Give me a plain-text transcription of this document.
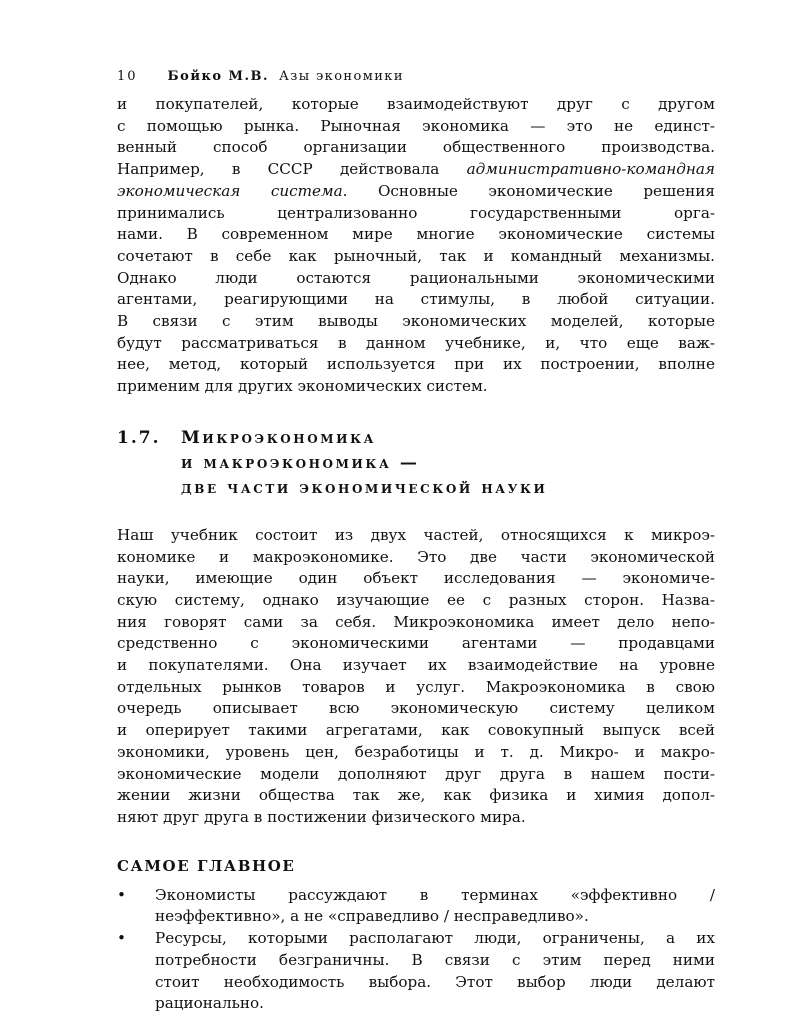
10 Бойко М.В. Азы экономики
и покупателей, которые взаимодействуют друг с другом
с помощью рынка. Рыночная экономика — это не единст-
венный способ организации общественного производства.
Например, в СССР действовала административно-командная
экономическая система. Основные экономические решения
принимались централизованно государственными орга-
нами. В современном мире многие экономические системы
сочетают в себе как рыночный, так и командный механизмы.
Однако люди остаются рациональными экономическими
агентами, реагирующими на стимулы, в любой ситуации.
В связи с этим выводы экономических моделей, которые
будут рассматриваться в данном учебнике, и, что еще важ-
нее, метод, который используется при их построении, вполне
применим для других экономических систем.
1.7. Микроэкономика
и макроэкономика —
две части экономической науки
Наш учебник состоит из двух частей, относящихся к микроэ-
кономике и макроэкономике. Это две части экономической
науки, имеющие один объект исследования — экономиче-
скую систему, однако изучающие ее с разных сторон. Назва-
ния говорят сами за себя. Микроэкономика имеет дело непо-
средственно с экономическими агентами — продавцами
и покупателями. Она изучает их взаимодействие на уровне
отдельных рынков товаров и услуг. Макроэкономика в свою
очередь описывает всю экономическую систему целиком
и оперирует такими агрегатами, как совокупный выпуск всей
экономики, уровень цен, безработицы и т. д. Микро- и макро-
экономические модели дополняют друг друга в нашем пости-
жении жизни общества так же, как физика и химия допол-
няют друг друга в постижении физического мира.
САМОЕ ГЛАВНОЕ
•	Экономисты рассуждают в терминах «эффективно /
неэффективно», а не «справедливо / несправедливо».
•	Ресурсы, которыми располагают люди, ограничены, а их
потребности безграничны. В связи с этим перед ними
стоит необходимость выбора. Этот выбор люди делают
рационально.
